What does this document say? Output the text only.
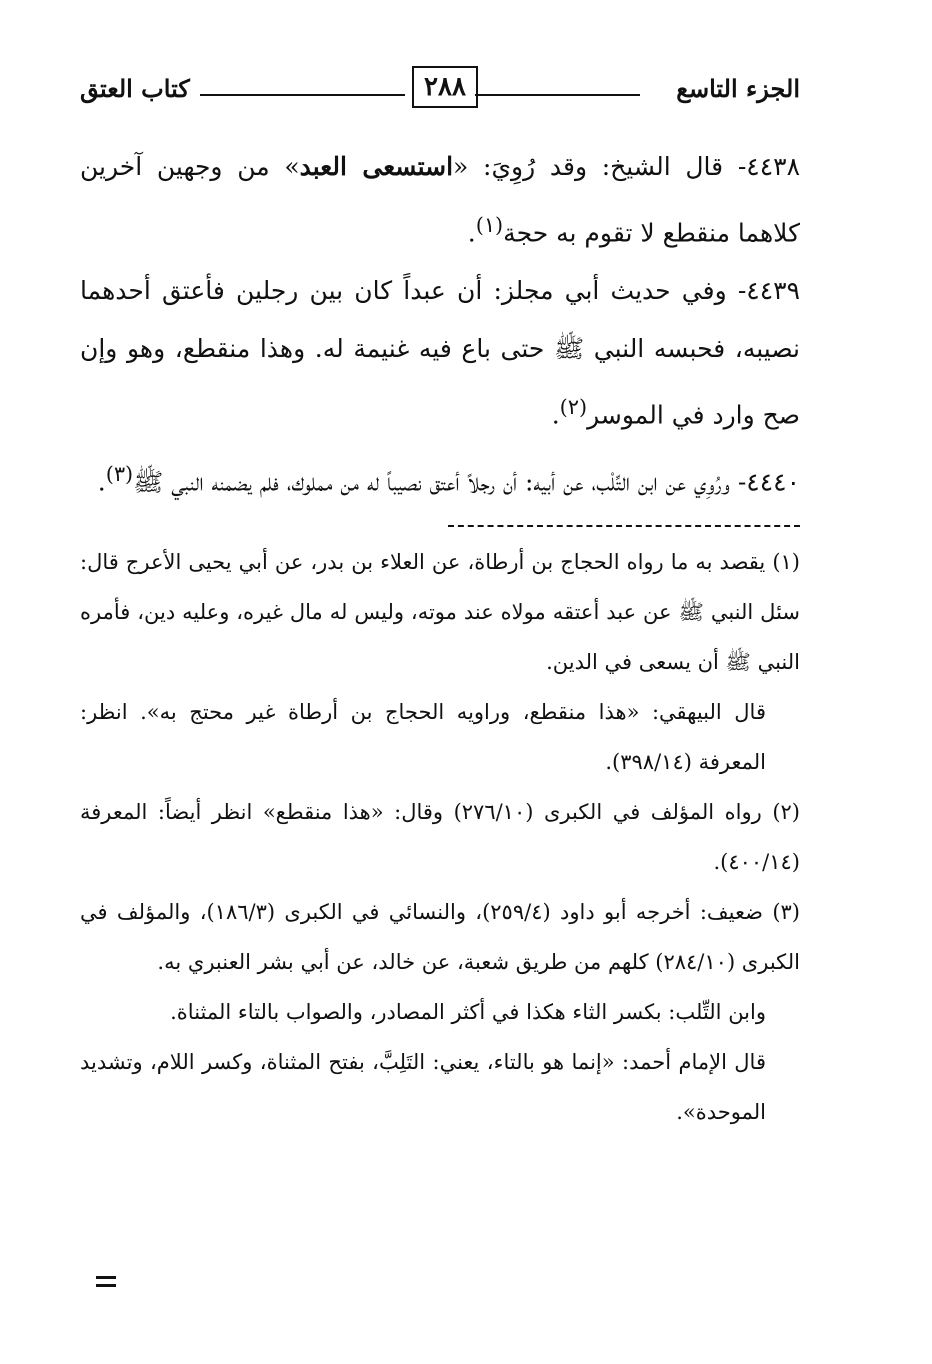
الجزء التاسع
٢٨٨
كتاب العتق

٤٤٣٨- قال الشيخ: وقد رُوِيَ: «استسعى العبد» من وجهين آخرين كلاهما منقطع لا تقوم به حجة$^{(١)}$.

٤٤٣٩- وفي حديث أبي مجلز: أن عبداً كان بين رجلين فأعتق أحدهما نصيبه، فحبسه النبي ﷺ حتى باع فيه غنيمة له. وهذا منقطع، وهو وإن صح وارد في الموسر$^{(٢)}$.

٤٤٤٠- ورُوِي عن ابن التِّلْب، عن أبيه: أن رجلاً أعتق نصيباً له من مملوك، فلم يضمنه النبي ﷺ$^{(٣)}$.

(١) يقصد به ما رواه الحجاج بن أرطاة، عن العلاء بن بدر، عن أبي يحيى الأعرج قال: سئل النبي ﷺ عن عبد أعتقه مولاه عند موته، وليس له مال غيره، وعليه دين، فأمره النبي ﷺ أن يسعى في الدين.

قال البيهقي: «هذا منقطع، وراويه الحجاج بن أرطاة غير محتج به». انظر: المعرفة (٣٩٨/١٤).

(٢) رواه المؤلف في الكبرى (٢٧٦/١٠) وقال: «هذا منقطع» انظر أيضاً: المعرفة (٤٠٠/١٤).

(٣) ضعيف: أخرجه أبو داود (٢٥٩/٤)، والنسائي في الكبرى (١٨٦/٣)، والمؤلف في الكبرى (٢٨٤/١٠) كلهم من طريق شعبة، عن خالد، عن أبي بشر العنبري به.

وابن التِّلب: بكسر الثاء هكذا في أكثر المصادر، والصواب بالتاء المثناة.

قال الإمام أحمد: «إنما هو بالتاء، يعني: التَلِبَّ، بفتح المثناة، وكسر اللام، وتشديد الموحدة».
